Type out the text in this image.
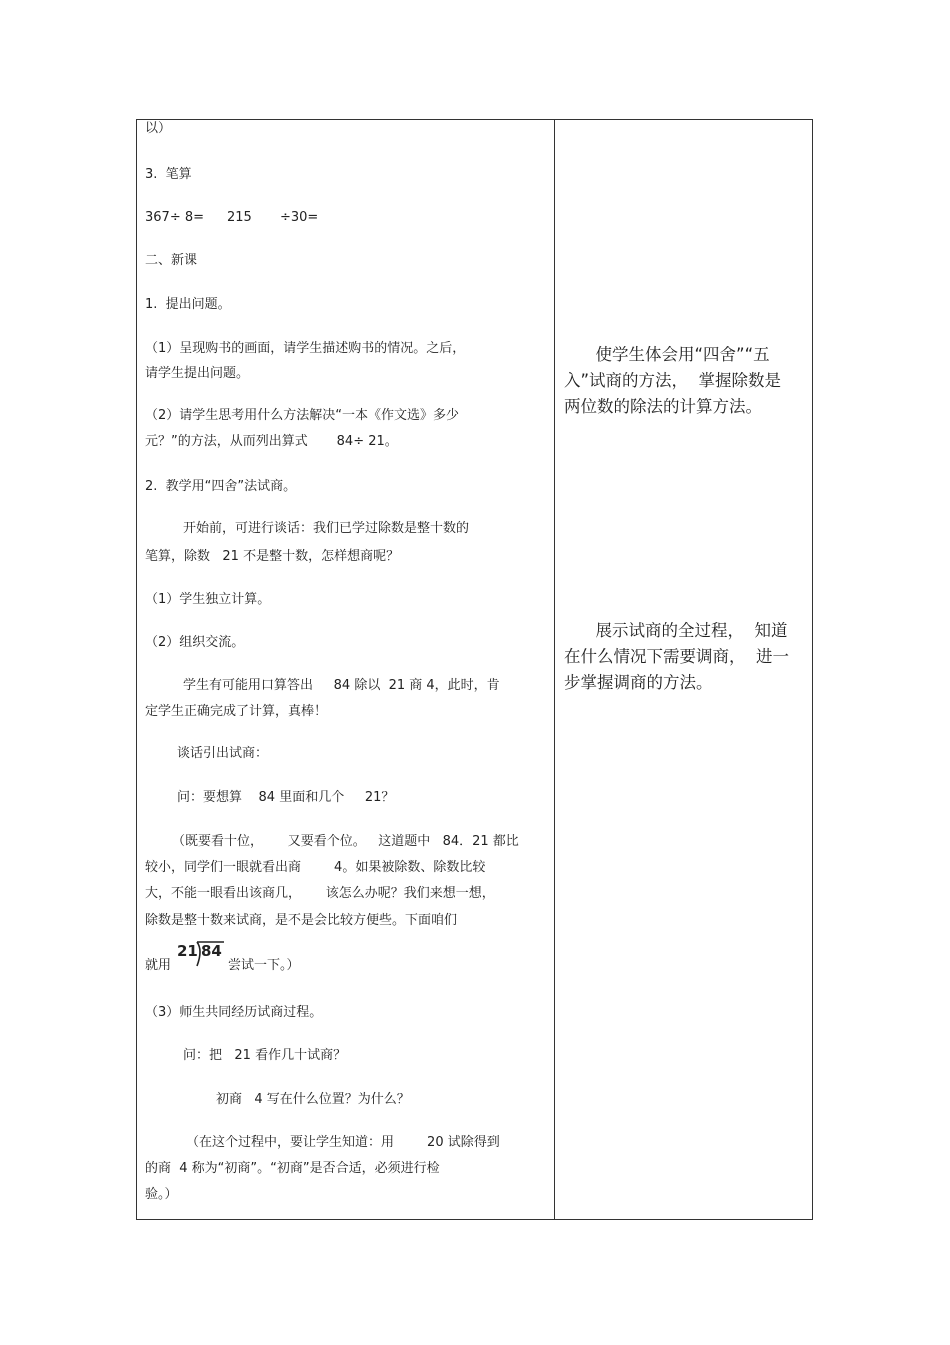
以）
3.  笔算
367÷ 8= 215 ÷30=
二、新课
1.  提出问题。
（1）呈现购书的画面，请学生描述购书的情况。之后，
请学生提出问题。
（2）请学生思考用什么方法解决“一本《作文选》多少
元？”的方法，从而列出算式       84÷ 21。
2.  教学用“四舍”法试商。
开始前，可进行谈话：我们已学过除数是整十数的
笔算，除数   21 不是整十数，怎样想商呢？
（1）学生独立计算。
（2）组织交流。
学生有可能用口算答出     84 除以  21 商 4，此时，肯
定学生正确完成了计算，真棒！
谈话引出试商：
问：要想算    84 里面和几个     21？
（既要看十位，      又要看个位。   这道题中   84．21 都比
较小，同学们一眼就看出商        4。如果被除数、除数比较
大，不能一眼看出该商几，      该怎么办呢？我们来想一想，
除数是整十数来试商，是不是会比较方便些。下面咱们
就用
21 84
尝试一下。）
（3）师生共同经历试商过程。
问：把   21 看作几十试商？
初商   4 写在什么位置？为什么？
（在这个过程中，要让学生知道：用        20 试除得到
的商  4 称为“初商”。“初商”是否合适，必须进行检
验。）
使学生体会用“四舍”“五
入”试商的方法，  掌握除数是
两位数的除法的计算方法。
展示试商的全过程，  知道
在什么情况下需要调商，  进一
步掌握调商的方法。
